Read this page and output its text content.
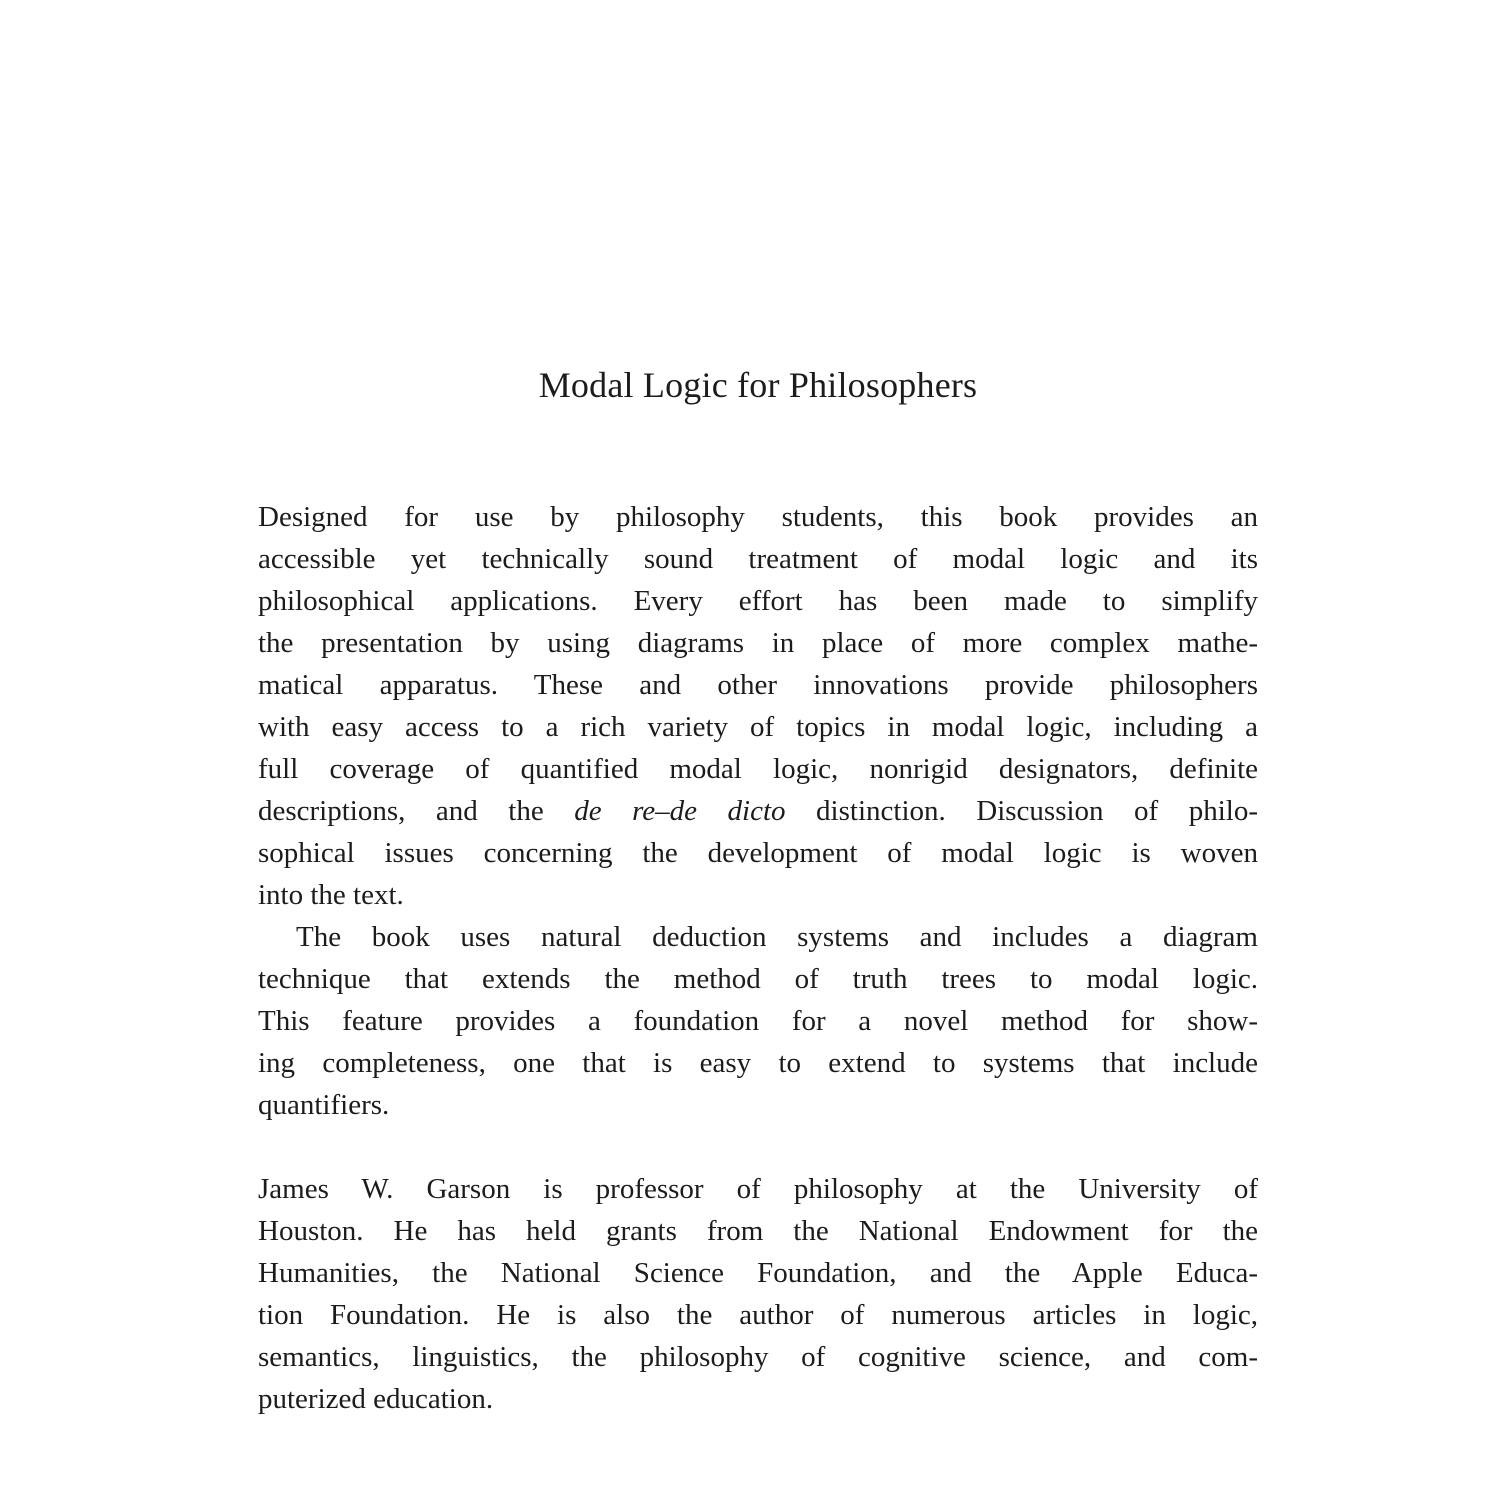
Modal Logic for Philosophers
Designed for use by philosophy students, this book provides an
accessible yet technically sound treatment of modal logic and its
philosophical applications. Every effort has been made to simplify
the presentation by using diagrams in place of more complex mathe-
matical apparatus. These and other innovations provide philosophers
with easy access to a rich variety of topics in modal logic, including a
full coverage of quantified modal logic, nonrigid designators, definite
descriptions, and the de re–de dicto distinction. Discussion of philo-
sophical issues concerning the development of modal logic is woven
into the text.
The book uses natural deduction systems and includes a diagram
technique that extends the method of truth trees to modal logic.
This feature provides a foundation for a novel method for show-
ing completeness, one that is easy to extend to systems that include
quantifiers.
James W. Garson is professor of philosophy at the University of
Houston. He has held grants from the National Endowment for the
Humanities, the National Science Foundation, and the Apple Educa-
tion Foundation. He is also the author of numerous articles in logic,
semantics, linguistics, the philosophy of cognitive science, and com-
puterized education.
